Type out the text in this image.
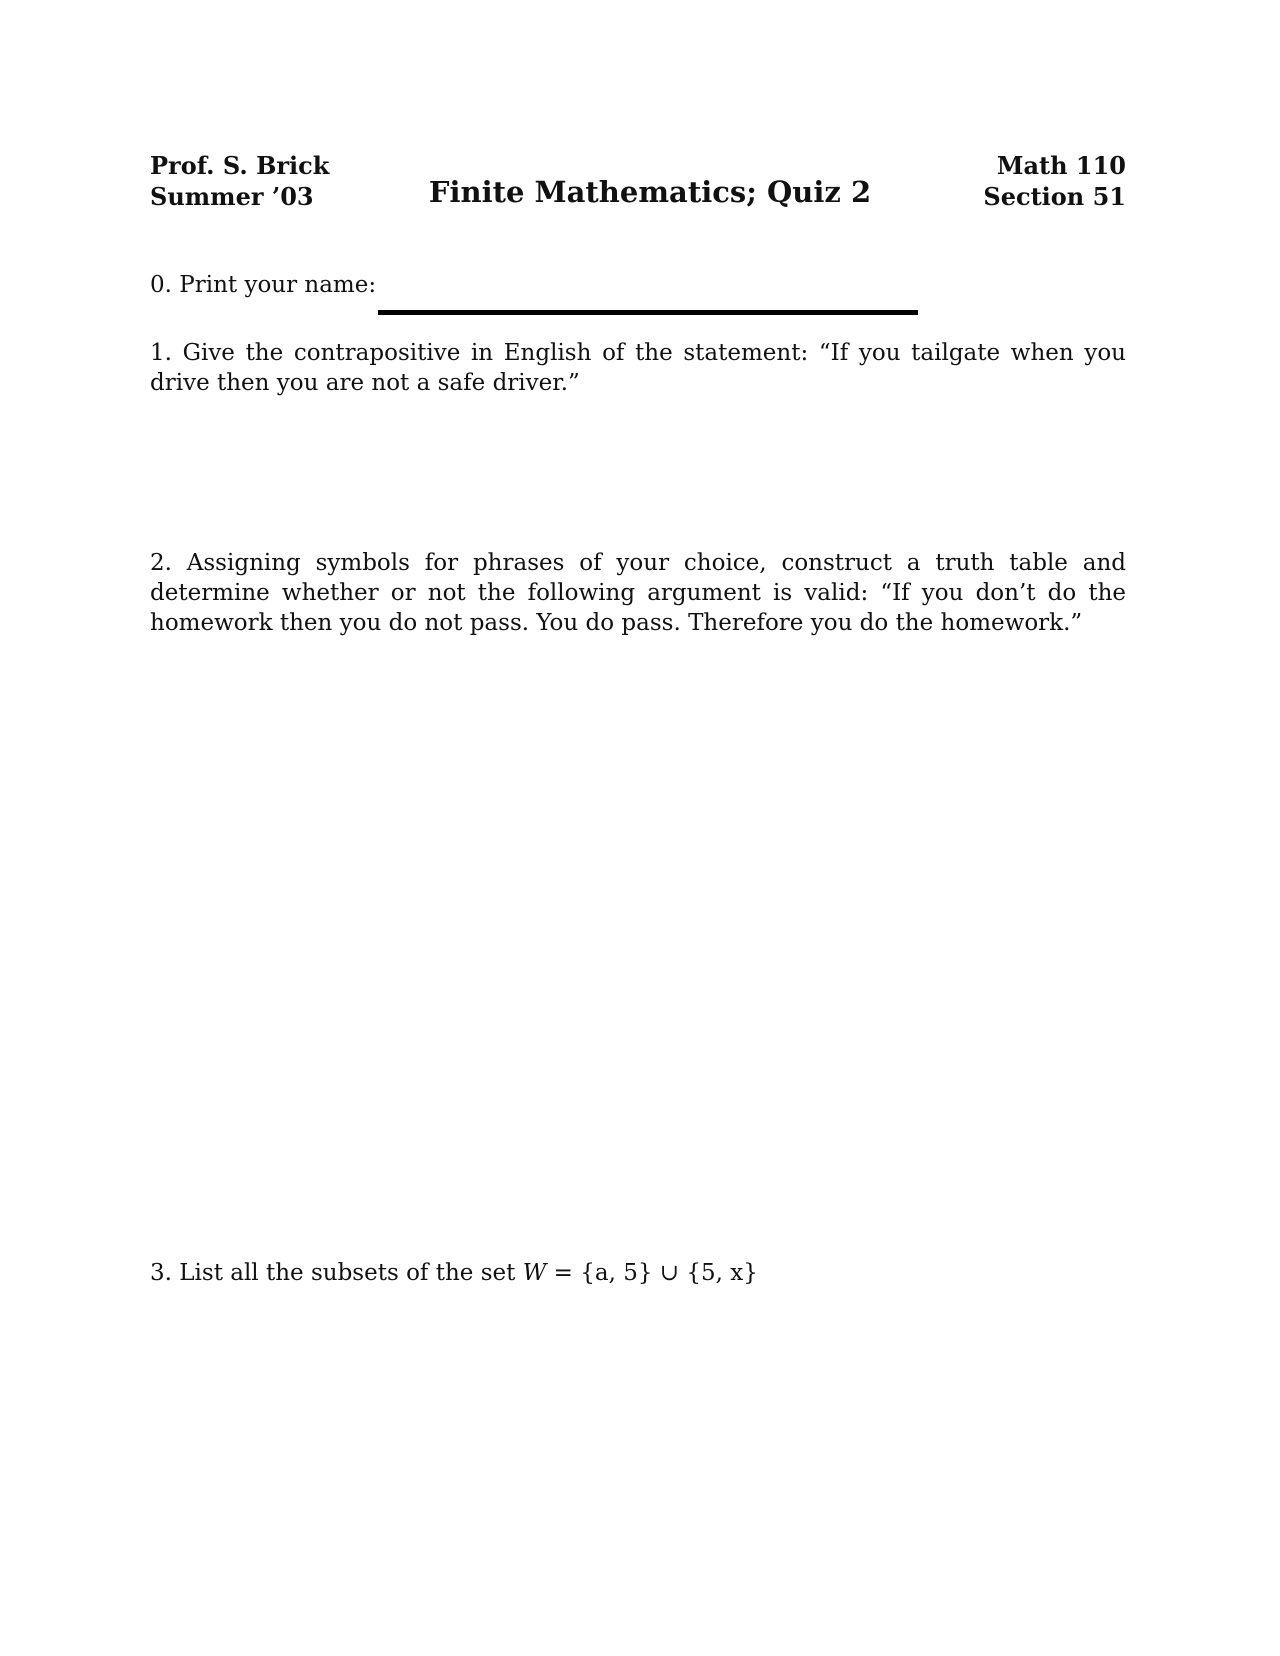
Prof. S. Brick
Summer ’03	Finite Mathematics; Quiz 2
Math 110
Section 51
0. Print your name:
1. Give the contrapositive in English of the statement: “If you tailgate when you drive then you are not a safe driver.”
2. Assigning symbols for phrases of your choice, construct a truth table and determine whether or not the following argument is valid: “If you don’t do the homework then you do not pass. You do pass. Therefore you do the homework.”
3. List all the subsets of the set W = {a, 5} ∪ {5, x}
